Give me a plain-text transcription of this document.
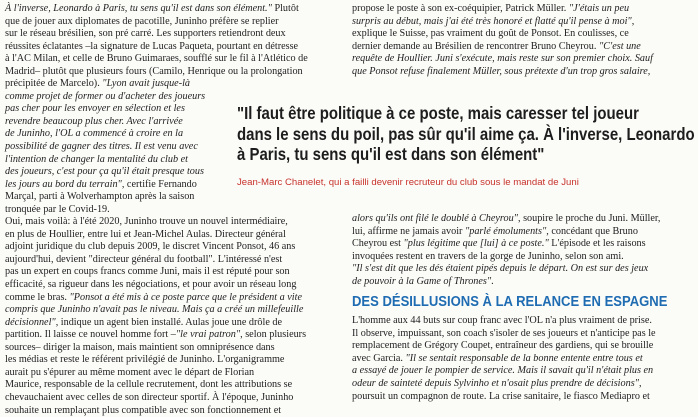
À l'inverse, Leonardo à Paris, tu sens qu'il est dans son élément." Plutôt
que de jouer aux diplomates de pacotille, Juninho préfère se replier
sur le réseau brésilien, son pré carré. Les supporters retiendront deux
réussites éclatantes –la signature de Lucas Paqueta, pourtant en détresse
à l'AC Milan, et celle de Bruno Guimaraes, soufflé sur le fil à l'Atlético de
Madrid– plutôt que plusieurs fours (Camilo, Henrique ou la prolongation
précipitée de Marcelo). "Lyon avait jusque-là
comme projet de former ou d'acheter des joueurs
pas cher pour les envoyer en sélection et les
revendre beaucoup plus cher. Avec l'arrivée
de Juninho, l'OL a commencé à croire en la
possibilité de gagner des titres. Il est venu avec
l'intention de changer la mentalité du club et
des joueurs, c'est pour ça qu'il était presque tous
les jours au bord du terrain", certifie Fernando
Marçal, parti à Wolverhampton après la saison
tronquée par le Covid-19.
Oui, mais voilà: à l'été 2020, Juninho trouve un nouvel intermédiaire,
en plus de Houllier, entre lui et Jean-Michel Aulas. Directeur général
adjoint juridique du club depuis 2009, le discret Vincent Ponsot, 46 ans
aujourd'hui, devient "directeur général du football". L'intéressé n'est
pas un expert en coups francs comme Juni, mais il est réputé pour son
efficacité, sa rigueur dans les négociations, et pour avoir un réseau long
comme le bras. "Ponsot a été mis à ce poste parce que le président a vite
compris que Juninho n'avait pas le niveau. Mais ça a créé un millefeuille
décisionnel", indique un agent bien installé. Aulas joue une drôle de
partition. Il laisse ce nouvel homme fort –"le vrai patron", selon plusieurs
sources– diriger la maison, mais maintient son omniprésence dans
les médias et reste le référent privilégié de Juninho. L'organigramme
aurait pu s'épurer au même moment avec le départ de Florian
Maurice, responsable de la cellule recrutement, dont les attributions se
chevauchaient avec celles de son directeur sportif. À l'époque, Juninho
souhaite un remplaçant plus compatible avec son fonctionnement et
propose le poste à son ex-coéquipier, Patrick Müller. "J'étais un peu
surpris au début, mais j'ai été très honoré et flatté qu'il pense à moi",
explique le Suisse, pas vraiment du goût de Ponsot. En coulisses, ce
dernier demande au Brésilien de rencontrer Bruno Cheyrou. "C'est une
requête de Houllier. Juni s'exécute, mais reste sur son premier choix. Sauf
que Ponsot refuse finalement Müller, sous prétexte d'un trop gros salaire,
"Il faut être politique à ce poste, mais caresser tel joueur
dans le sens du poil, pas sûr qu'il aime ça. À l'inverse, Leonardo
à Paris, tu sens qu'il est dans son élément"
Jean-Marc Chanelet, qui a failli devenir recruteur du club sous le mandat de Juni
alors qu'ils ont filé le doublé à Cheyrou", soupire le proche du Juni. Müller,
lui, affirme ne jamais avoir "parlé émoluments", concédant que Bruno
Cheyrou est "plus légitime que [lui] à ce poste." L'épisode et les raisons
invoquées restent en travers de la gorge de Juninho, selon son ami.
"Il s'est dit que les dés étaient pipés depuis le départ. On est sur des jeux
de pouvoir à la Game of Thrones".
DES DÉSILLUSIONS À LA RELANCE EN ESPAGNE
L'homme aux 44 buts sur coup franc avec l'OL n'a plus vraiment de prise.
Il observe, impuissant, son coach s'isoler de ses joueurs et n'anticipe pas le
remplacement de Grégory Coupet, entraîneur des gardiens, qui se brouille
avec Garcia. "Il se sentait responsable de la bonne entente entre tous et
a essayé de jouer le pompier de service. Mais il savait qu'il n'était plus en
odeur de sainteté depuis Sylvinho et n'osait plus prendre de décisions",
poursuit un compagnon de route. La crise sanitaire, le fiasco Mediapro et
